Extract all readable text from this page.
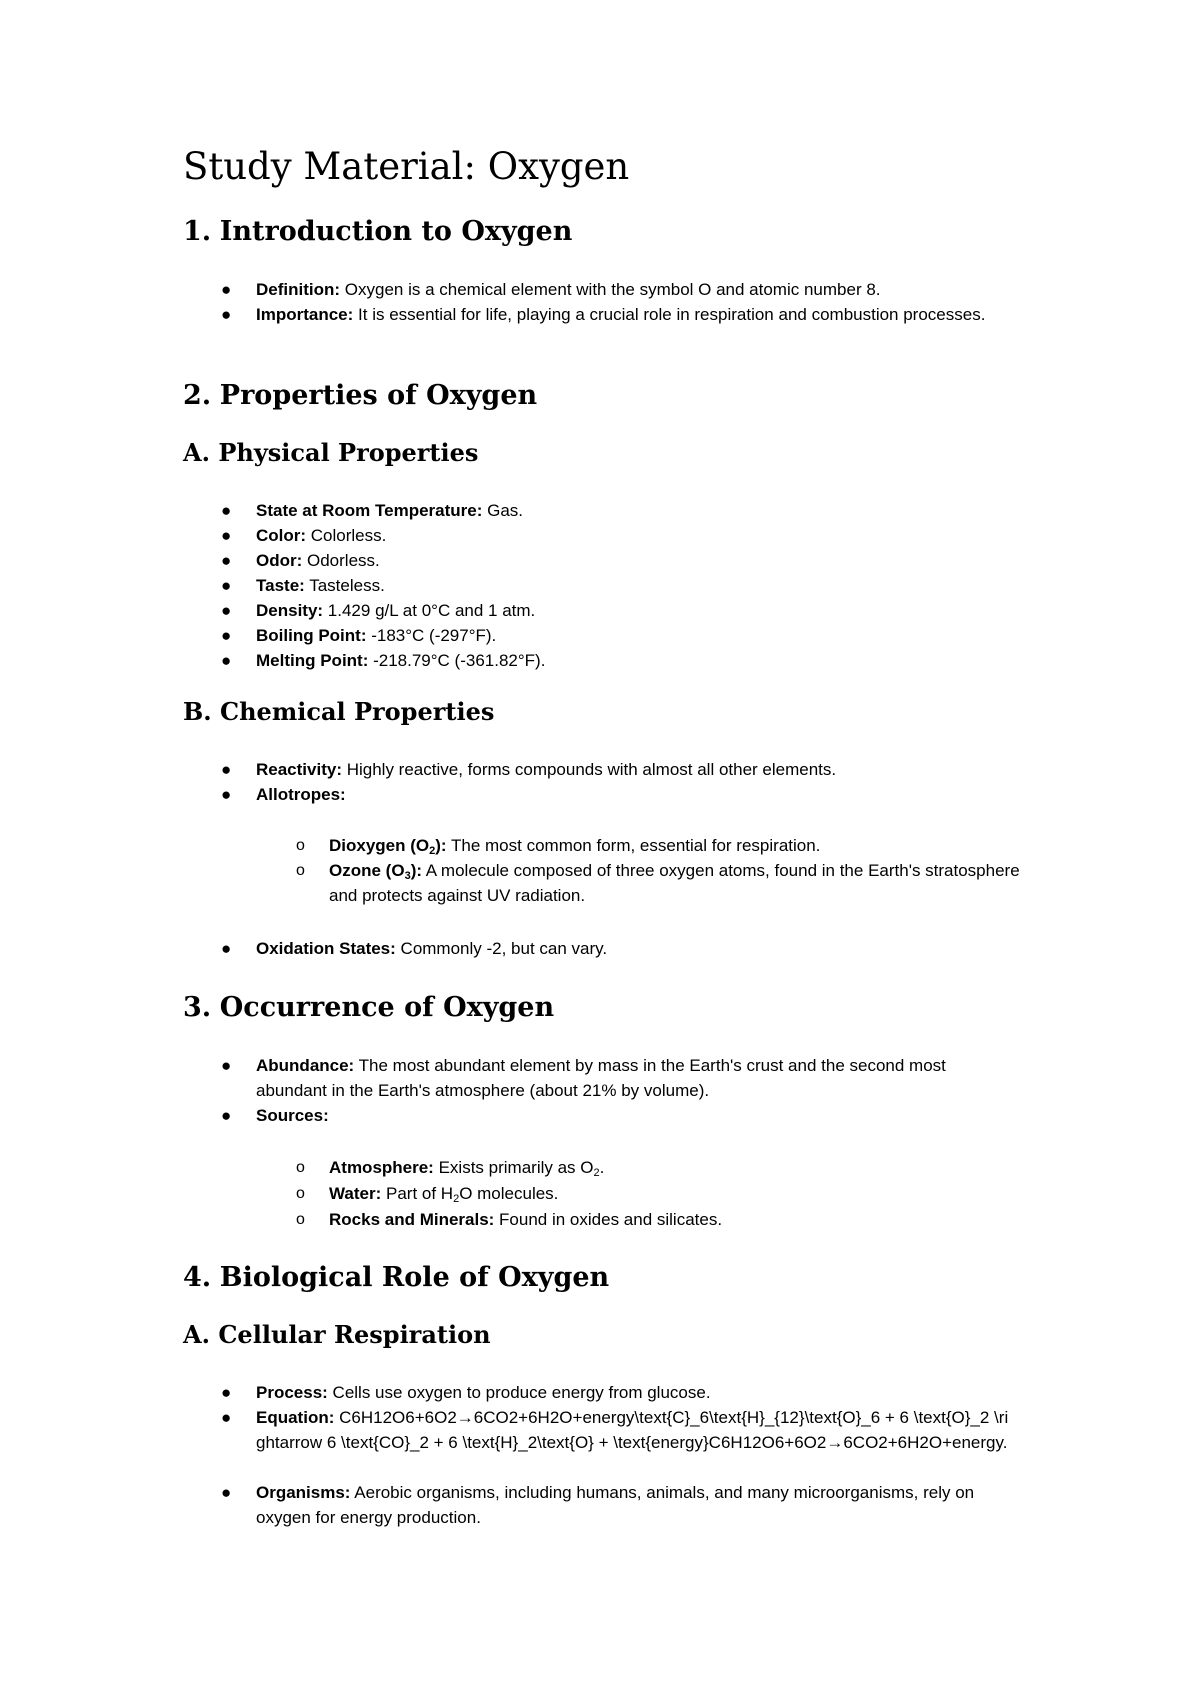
Study Material: Oxygen
1. Introduction to Oxygen
● Definition: Oxygen is a chemical element with the symbol O and atomic number 8.
● Importance: It is essential for life, playing a crucial role in respiration and combustion processes.
2. Properties of Oxygen
A. Physical Properties
● State at Room Temperature: Gas.
● Color: Colorless.
● Odor: Odorless.
● Taste: Tasteless.
● Density: 1.429 g/L at 0°C and 1 atm.
● Boiling Point: -183°C (-297°F).
● Melting Point: -218.79°C (-361.82°F).
B. Chemical Properties
● Reactivity: Highly reactive, forms compounds with almost all other elements.
● Allotropes:
o Dioxygen $(O_2)$: The most common form, essential for respiration.
o Ozone $(O_3)$: A molecule composed of three oxygen atoms, found in the Earth's stratosphere and protects against UV radiation.
● Oxidation States: Commonly -2, but can vary.
3. Occurrence of Oxygen
● Abundance: The most abundant element by mass in the Earth's crust and the second most abundant in the Earth's atmosphere (about 21% by volume).
● Sources:
o Atmosphere: Exists primarily as $O_2$.
o Water: Part of $H_2O$ molecules.
o Rocks and Minerals: Found in oxides and silicates.
4. Biological Role of Oxygen
A. Cellular Respiration
● Process: Cells use oxygen to produce energy from glucose.
● Equation: C6H12O6+6O2→6CO2+6H2O+energy\text{C}_6\text{H}_{12}\text{O}_6 + 6 \text{O}_2 \rightarrow 6 \text{CO}_2 + 6 \text{H}_2\text{O} + \text{energy}C6H12O6+6O2→6CO2+6H2O+energy.
● Organisms: Aerobic organisms, including humans, animals, and many microorganisms, rely on oxygen for energy production.
